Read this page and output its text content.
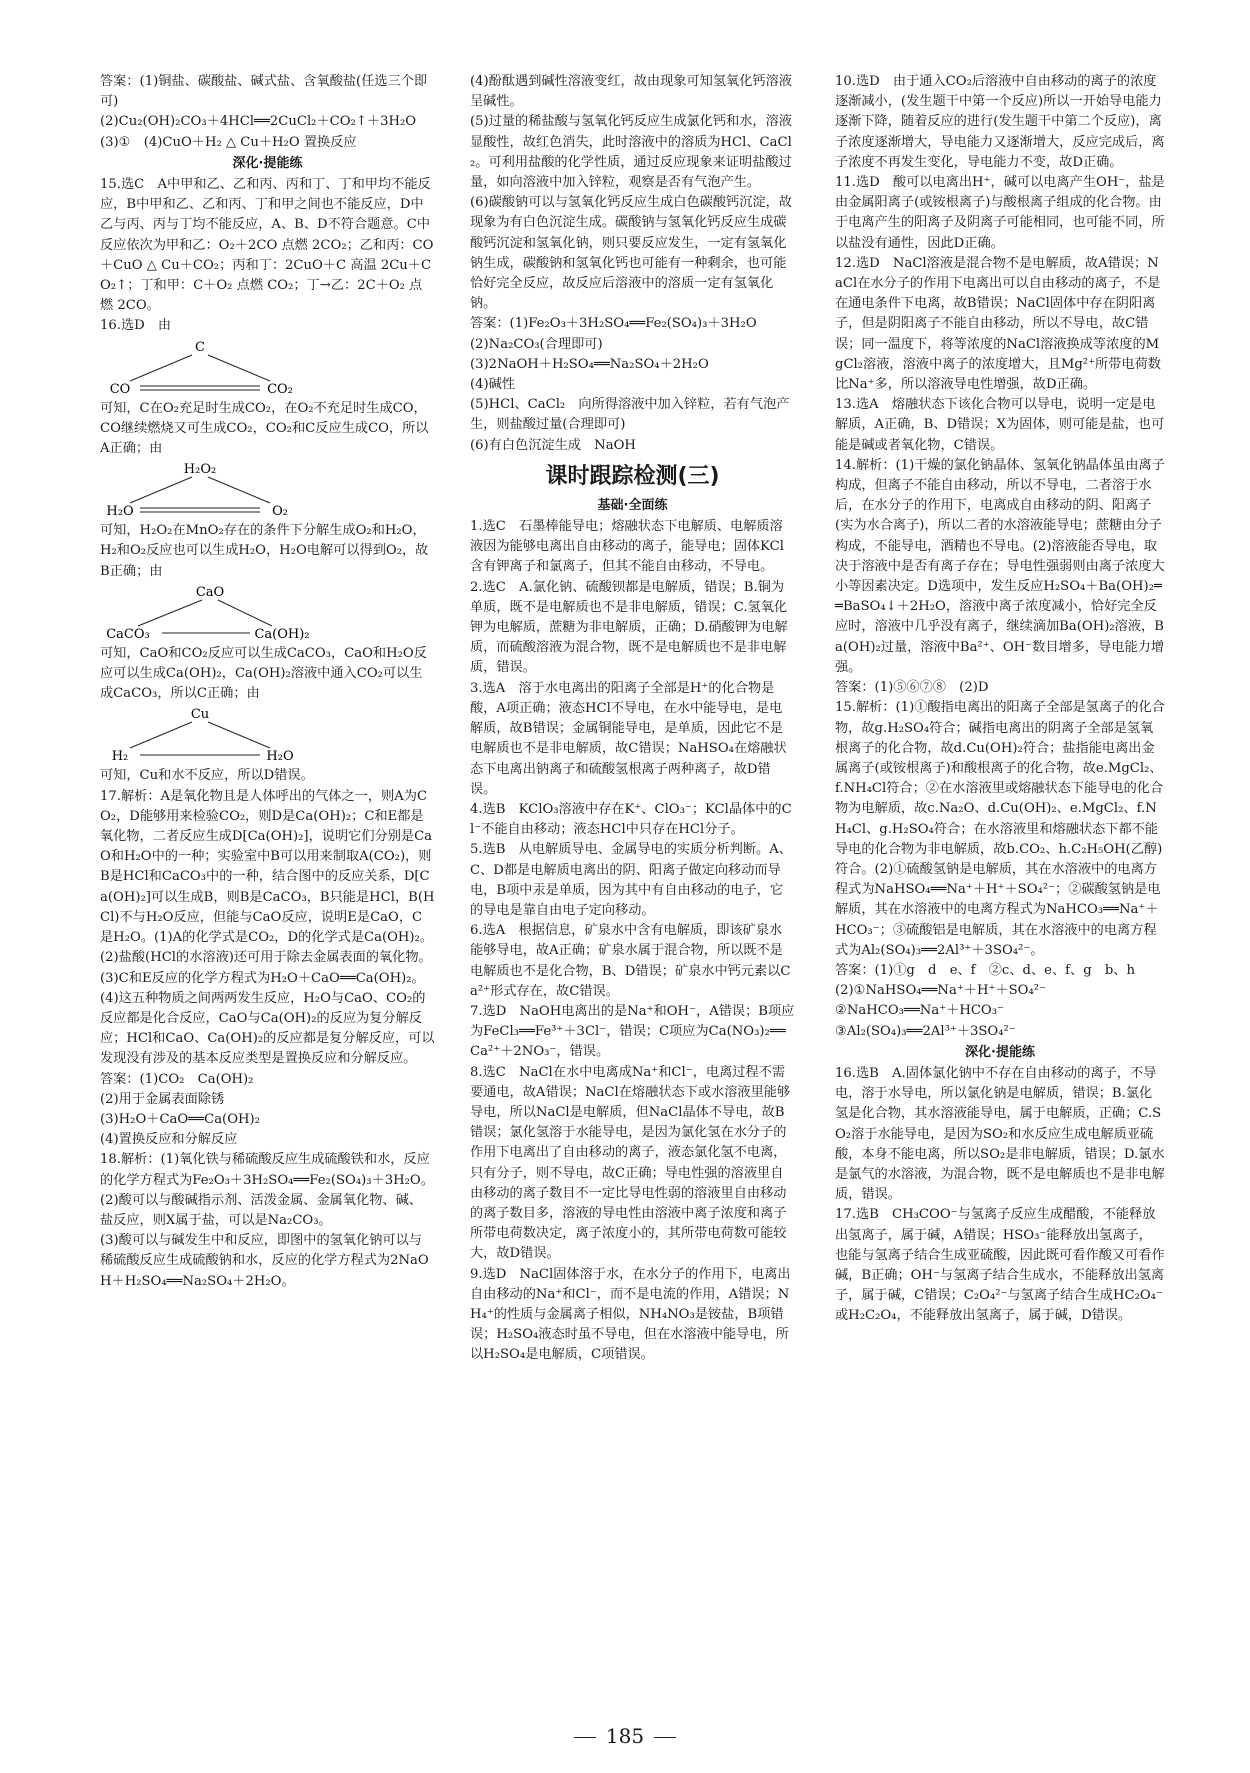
答案：(1)铜盐、碳酸盐、碱式盐、含氧酸盐(任选三个即可)

(2)Cu₂(OH)₂CO₃＋4HCl══2CuCl₂＋CO₂↑＋3H₂O

(3)①　(4)CuO＋H₂ △ Cu＋H₂O 置换反应

深化·提能练

15.选C　A中甲和乙、乙和丙、丙和丁、丁和甲均不能反应，B中甲和乙、乙和丙、丁和甲之间也不能反应，D中乙与丙、丙与丁均不能反应，A、B、D不符合题意。C中反应依次为甲和乙：O₂＋2CO 点燃 2CO₂；乙和丙：CO＋CuO △ Cu＋CO₂；丙和丁：2CuO＋C 高温 2Cu＋CO₂↑；丁和甲：C＋O₂ 点燃 CO₂；丁→乙：2C＋O₂ 点燃 2CO。

16.选D　由

C
CO	CO₂

可知，C在O₂充足时生成CO₂，在O₂不充足时生成CO，CO继续燃烧又可生成CO₂，CO₂和C反应生成CO，所以A正确；由

H₂O₂
H₂O	O₂

可知，H₂O₂在MnO₂存在的条件下分解生成O₂和H₂O，H₂和O₂反应也可以生成H₂O，H₂O电解可以得到O₂，故B正确；由

CaO
CaCO₃	Ca(OH)₂

可知，CaO和CO₂反应可以生成CaCO₃，CaO和H₂O反应可以生成Ca(OH)₂，Ca(OH)₂溶液中通入CO₂可以生成CaCO₃，所以C正确；由

Cu
H₂	H₂O

可知，Cu和水不反应，所以D错误。

17.解析：A是氧化物且是人体呼出的气体之一，则A为CO₂，D能够用来检验CO₂，则D是Ca(OH)₂；C和E都是氧化物，二者反应生成D[Ca(OH)₂]，说明它们分别是CaO和H₂O中的一种；实验室中B可以用来制取A(CO₂)，则B是HCl和CaCO₃中的一种，结合图中的反应关系，D[Ca(OH)₂]可以生成B，则B是CaCO₃，B只能是HCl，B(HCl)不与H₂O反应，但能与CaO反应，说明E是CaO，C是H₂O。(1)A的化学式是CO₂，D的化学式是Ca(OH)₂。(2)盐酸(HCl的水溶液)还可用于除去金属表面的氧化物。(3)C和E反应的化学方程式为H₂O＋CaO══Ca(OH)₂。(4)这五种物质之间两两发生反应，H₂O与CaO、CO₂的反应都是化合反应，CaO与Ca(OH)₂的反应为复分解反应；HCl和CaO、Ca(OH)₂的反应都是复分解反应，可以发现没有涉及的基本反应类型是置换反应和分解反应。

答案：(1)CO₂　Ca(OH)₂

(2)用于金属表面除锈

(3)H₂O＋CaO══Ca(OH)₂

(4)置换反应和分解反应

18.解析：(1)氧化铁与稀硫酸反应生成硫酸铁和水，反应的化学方程式为Fe₂O₃＋3H₂SO₄══Fe₂(SO₄)₃＋3H₂O。

(2)酸可以与酸碱指示剂、活泼金属、金属氧化物、碱、盐反应，则X属于盐，可以是Na₂CO₃。

(3)酸可以与碱发生中和反应，即图中的氢氧化钠可以与稀硫酸反应生成硫酸钠和水，反应的化学方程式为2NaOH＋H₂SO₄══Na₂SO₄＋2H₂O。

(4)酚酞遇到碱性溶液变红，故由现象可知氢氧化钙溶液呈碱性。

(5)过量的稀盐酸与氢氧化钙反应生成氯化钙和水，溶液显酸性，故红色消失，此时溶液中的溶质为HCl、CaCl₂。可利用盐酸的化学性质，通过反应现象来证明盐酸过量，如向溶液中加入锌粒，观察是否有气泡产生。

(6)碳酸钠可以与氢氧化钙反应生成白色碳酸钙沉淀，故现象为有白色沉淀生成。碳酸钠与氢氧化钙反应生成碳酸钙沉淀和氢氧化钠，则只要反应发生，一定有氢氧化钠生成，碳酸钠和氢氧化钙也可能有一种剩余，也可能恰好完全反应，故反应后溶液中的溶质一定有氢氧化钠。

答案：(1)Fe₂O₃＋3H₂SO₄══Fe₂(SO₄)₃＋3H₂O

(2)Na₂CO₃(合理即可)

(3)2NaOH＋H₂SO₄══Na₂SO₄＋2H₂O

(4)碱性

(5)HCl、CaCl₂　向所得溶液中加入锌粒，若有气泡产生，则盐酸过量(合理即可)

(6)有白色沉淀生成　NaOH

课时跟踪检测(三)

基础·全面练

1.选C　石墨棒能导电；熔融状态下电解质、电解质溶液因为能够电离出自由移动的离子，能导电；固体KCl含有钾离子和氯离子，但其不能自由移动，不导电。

2.选C　A.氯化钠、硫酸钡都是电解质，错误；B.铜为单质，既不是电解质也不是非电解质，错误；C.氢氧化钾为电解质，蔗糖为非电解质，正确；D.硝酸钾为电解质，而硫酸溶液为混合物，既不是电解质也不是非电解质，错误。

3.选A　溶于水电离出的阳离子全部是H⁺的化合物是酸，A项正确；液态HCl不导电，在水中能导电，是电解质，故B错误；金属铜能导电，是单质，因此它不是电解质也不是非电解质，故C错误；NaHSO₄在熔融状态下电离出钠离子和硫酸氢根离子两种离子，故D错误。

4.选B　KClO₃溶液中存在K⁺、ClO₃⁻；KCl晶体中的Cl⁻不能自由移动；液态HCl中只存在HCl分子。

5.选B　从电解质导电、金属导电的实质分析判断。A、C、D都是电解质电离出的阴、阳离子做定向移动而导电，B项中汞是单质，因为其中有自由移动的电子，它的导电是靠自由电子定向移动。

6.选A　根据信息，矿泉水中含有电解质，即该矿泉水能够导电，故A正确；矿泉水属于混合物，所以既不是电解质也不是化合物，B、D错误；矿泉水中钙元素以Ca²⁺形式存在，故C错误。

7.选D　NaOH电离出的是Na⁺和OH⁻，A错误；B项应为FeCl₃══Fe³⁺＋3Cl⁻，错误；C项应为Ca(NO₃)₂══Ca²⁺＋2NO₃⁻，错误。

8.选C　NaCl在水中电离成Na⁺和Cl⁻，电离过程不需要通电，故A错误；NaCl在熔融状态下或水溶液里能够导电，所以NaCl是电解质，但NaCl晶体不导电，故B错误；氯化氢溶于水能导电，是因为氯化氢在水分子的作用下电离出了自由移动的离子，液态氯化氢不电离，只有分子，则不导电，故C正确；导电性强的溶液里自由移动的离子数目不一定比导电性弱的溶液里自由移动的离子数目多，溶液的导电性由溶液中离子浓度和离子所带电荷数决定，离子浓度小的，其所带电荷数可能较大，故D错误。

9.选D　NaCl固体溶于水，在水分子的作用下，电离出自由移动的Na⁺和Cl⁻，而不是电流的作用，A错误；NH₄⁺的性质与金属离子相似，NH₄NO₃是铵盐，B项错误；H₂SO₄液态时虽不导电，但在水溶液中能导电，所以H₂SO₄是电解质，C项错误。

10.选D　由于通入CO₂后溶液中自由移动的离子的浓度逐渐减小，(发生题干中第一个反应)所以一开始导电能力逐渐下降，随着反应的进行(发生题干中第二个反应)，离子浓度逐渐增大，导电能力又逐渐增大，反应完成后，离子浓度不再发生变化，导电能力不变，故D正确。

11.选D　酸可以电离出H⁺，碱可以电离产生OH⁻，盐是由金属阳离子(或铵根离子)与酸根离子组成的化合物。由于电离产生的阳离子及阴离子可能相同，也可能不同，所以盐没有通性，因此D正确。

12.选D　NaCl溶液是混合物不是电解质，故A错误；NaCl在水分子的作用下电离出可以自由移动的离子，不是在通电条件下电离，故B错误；NaCl固体中存在阴阳离子，但是阴阳离子不能自由移动，所以不导电，故C错误；同一温度下，将等浓度的NaCl溶液换成等浓度的MgCl₂溶液，溶液中离子的浓度增大，且Mg²⁺所带电荷数比Na⁺多，所以溶液导电性增强，故D正确。

13.选A　熔融状态下该化合物可以导电，说明一定是电解质，A正确，B、D错误；X为固体，则可能是盐，也可能是碱或者氧化物，C错误。

14.解析：(1)干燥的氯化钠晶体、氢氧化钠晶体虽由离子构成，但离子不能自由移动，所以不导电，二者溶于水后，在水分子的作用下，电离成自由移动的阴、阳离子(实为水合离子)，所以二者的水溶液能导电；蔗糖由分子构成，不能导电，酒精也不导电。(2)溶液能否导电，取决于溶液中是否有离子存在；导电性强弱则由离子浓度大小等因素决定。D选项中，发生反应H₂SO₄＋Ba(OH)₂══BaSO₄↓＋2H₂O，溶液中离子浓度减小，恰好完全反应时，溶液中几乎没有离子，继续滴加Ba(OH)₂溶液，Ba(OH)₂过量，溶液中Ba²⁺、OH⁻数目增多，导电能力增强。

答案：(1)⑤⑥⑦⑧　(2)D

15.解析：(1)①酸指电离出的阳离子全部是氢离子的化合物，故g.H₂SO₄符合；碱指电离出的阴离子全部是氢氧根离子的化合物，故d.Cu(OH)₂符合；盐指能电离出金属离子(或铵根离子)和酸根离子的化合物，故e.MgCl₂、f.NH₄Cl符合；②在水溶液里或熔融状态下能导电的化合物为电解质，故c.Na₂O、d.Cu(OH)₂、e.MgCl₂、f.NH₄Cl、g.H₂SO₄符合；在水溶液里和熔融状态下都不能导电的化合物为非电解质，故b.CO₂、h.C₂H₅OH(乙醇)符合。(2)①硫酸氢钠是电解质，其在水溶液中的电离方程式为NaHSO₄══Na⁺＋H⁺＋SO₄²⁻；②碳酸氢钠是电解质，其在水溶液中的电离方程式为NaHCO₃══Na⁺＋HCO₃⁻；③硫酸铝是电解质，其在水溶液中的电离方程式为Al₂(SO₄)₃══2Al³⁺＋3SO₄²⁻。

答案：(1)①g　d　e、f　②c、d、e、f、g　b、h

(2)①NaHSO₄══Na⁺＋H⁺＋SO₄²⁻

②NaHCO₃══Na⁺＋HCO₃⁻

③Al₂(SO₄)₃══2Al³⁺＋3SO₄²⁻

深化·提能练

16.选B　A.固体氯化钠中不存在自由移动的离子，不导电，溶于水导电，所以氯化钠是电解质，错误；B.氯化氢是化合物，其水溶液能导电，属于电解质，正确；C.SO₂溶于水能导电，是因为SO₂和水反应生成电解质亚硫酸，本身不能电离，所以SO₂是非电解质，错误；D.氯水是氯气的水溶液，为混合物，既不是电解质也不是非电解质，错误。

17.选B　CH₃COO⁻与氢离子反应生成醋酸，不能释放出氢离子，属于碱，A错误；HSO₃⁻能释放出氢离子，也能与氢离子结合生成亚硫酸，因此既可看作酸又可看作碱，B正确；OH⁻与氢离子结合生成水，不能释放出氢离子，属于碱，C错误；C₂O₄²⁻与氢离子结合生成HC₂O₄⁻或H₂C₂O₄，不能释放出氢离子，属于碱，D错误。

185
